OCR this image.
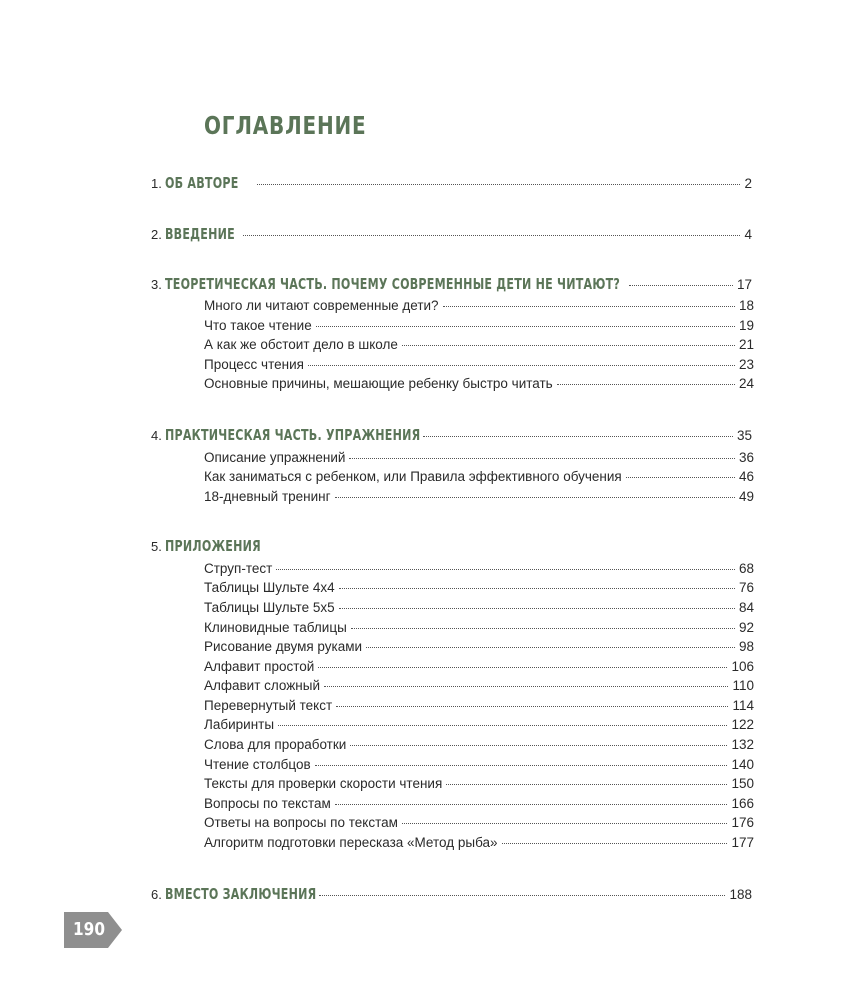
ОГЛАВЛЕНИЕ
1. ОБ АВТОРЕ	2
2. ВВЕДЕНИЕ	4
3. ТЕОРЕТИЧЕСКАЯ ЧАСТЬ. ПОЧЕМУ СОВРЕМЕННЫЕ ДЕТИ НЕ ЧИТАЮТ?	17
Много ли читают современные дети?	18
Что такое чтение	19
А как же обстоит дело в школе	21
Процесс чтения	23
Основные причины, мешающие ребенку быстро читать	24
4. ПРАКТИЧЕСКАЯ ЧАСТЬ. УПРАЖНЕНИЯ	35
Описание упражнений	36
Как заниматься с ребенком, или Правила эффективного обучения	46
18-дневный тренинг	49
5. ПРИЛОЖЕНИЯ
Струп-тест	68
Таблицы Шульте 4х4	76
Таблицы Шульте 5х5	84
Клиновидные таблицы	92
Рисование двумя руками	98
Алфавит простой	106
Алфавит сложный	110
Перевернутый текст	114
Лабиринты	122
Слова для проработки	132
Чтение столбцов	140
Тексты для проверки скорости чтения	150
Вопросы по текстам	166
Ответы на вопросы по текстам	176
Алгоритм подготовки пересказа «Метод рыба»	177
6. ВМЕСТО ЗАКЛЮЧЕНИЯ	188
190
